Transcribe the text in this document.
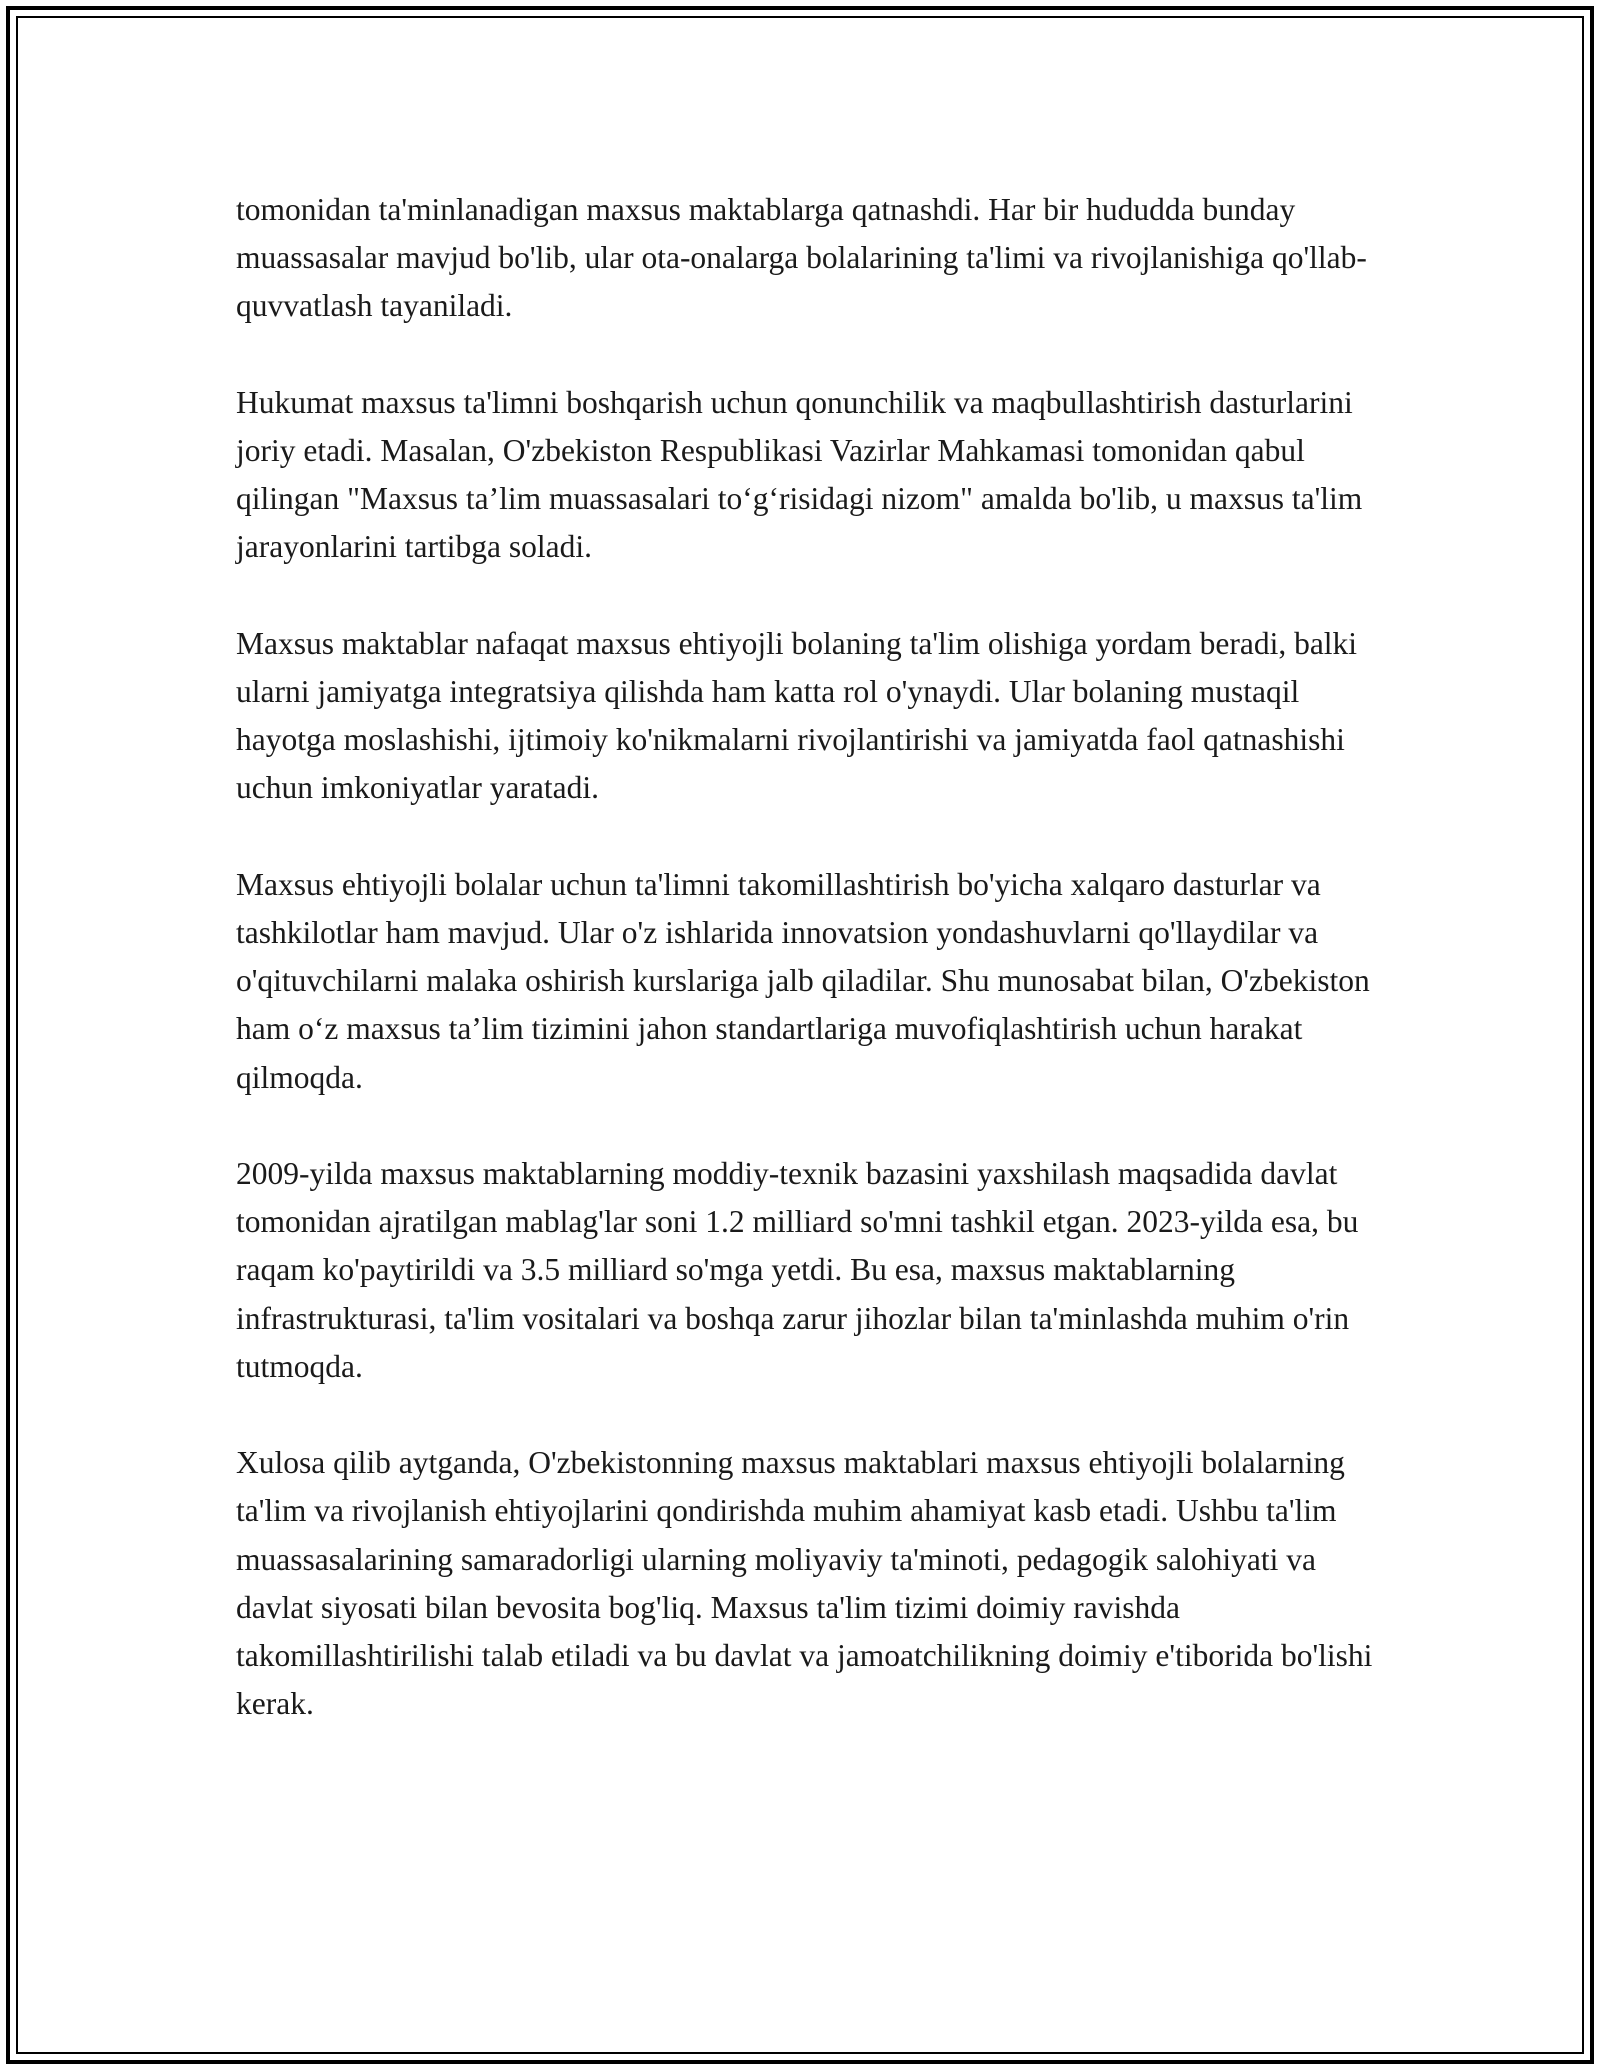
tomonidan ta'minlanadigan maxsus maktablarga qatnashdi. Har bir hududda bunday muassasalar mavjud bo'lib, ular ota-onalarga bolalarining ta'limi va rivojlanishiga qo'llab-quvvatlash tayaniladi.

Hukumat maxsus ta'limni boshqarish uchun qonunchilik va maqbullashtirish dasturlarini joriy etadi. Masalan, O'zbekiston Respublikasi Vazirlar Mahkamasi tomonidan qabul qilingan "Maxsus ta’lim muassasalari to‘g‘risidagi nizom" amalda bo'lib, u maxsus ta'lim jarayonlarini tartibga soladi.

Maxsus maktablar nafaqat maxsus ehtiyojli bolaning ta'lim olishiga yordam beradi, balki ularni jamiyatga integratsiya qilishda ham katta rol o'ynaydi. Ular bolaning mustaqil hayotga moslashishi, ijtimoiy ko'nikmalarni rivojlantirishi va jamiyatda faol qatnashishi uchun imkoniyatlar yaratadi.

Maxsus ehtiyojli bolalar uchun ta'limni takomillashtirish bo'yicha xalqaro dasturlar va tashkilotlar ham mavjud. Ular o'z ishlarida innovatsion yondashuvlarni qo'llaydilar va o'qituvchilarni malaka oshirish kurslariga jalb qiladilar. Shu munosabat bilan, O'zbekiston ham o‘z maxsus ta’lim tizimini jahon standartlariga muvofiqlashtirish uchun harakat qilmoqda.

2009-yilda maxsus maktablarning moddiy-texnik bazasini yaxshilash maqsadida davlat tomonidan ajratilgan mablag'lar soni 1.2 milliard so'mni tashkil etgan. 2023-yilda esa, bu raqam ko'paytirildi va 3.5 milliard so'mga yetdi. Bu esa, maxsus maktablarning infrastrukturasi, ta'lim vositalari va boshqa zarur jihozlar bilan ta'minlashda muhim o'rin tutmoqda.

Xulosa qilib aytganda, O'zbekistonning maxsus maktablari maxsus ehtiyojli bolalarning ta'lim va rivojlanish ehtiyojlarini qondirishda muhim ahamiyat kasb etadi. Ushbu ta'lim muassasalarining samaradorligi ularning moliyaviy ta'minoti, pedagogik salohiyati va davlat siyosati bilan bevosita bog'liq. Maxsus ta'lim tizimi doimiy ravishda takomillashtirilishi talab etiladi va bu davlat va jamoatchilikning doimiy e'tiborida bo'lishi kerak.
